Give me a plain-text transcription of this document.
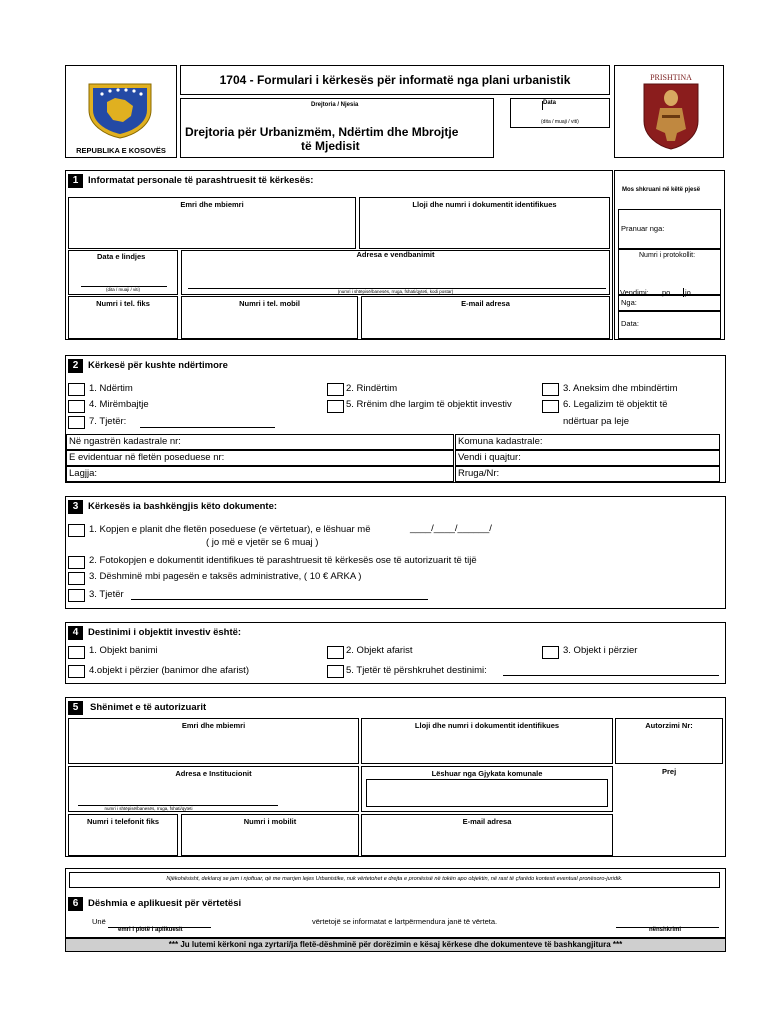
REPUBLIKA E KOSOVËS
1704 - Formulari i kërkesës për informatë nga plani urbanistik
Drejtoria / Njesia
Drejtoria për Urbanizmëm, Ndërtim dhe Mbrojtje
të Mjedisit
Data
(dita / muaji / viti)
PRISHTINA
Mos shkruani në këtë pjesë
Pranuar nga:
Numri i protokollit:
Vendimi: po jo
Nga:
Data:
1	Informatat personale të parashtruesit të kërkesës:
Emri dhe mbiemri	Lloji dhe numri i dokumentit identifikues
Data e lindjes
(dita / muaji / viti)
Adresa e vendbanimit
(numri i shtëpisë/banesës, rruga, fshati/qyteti, kodi postar)
Numri i tel. fiks	Numri i tel. mobil	E-mail adresa
2	Kërkesë për kushte ndërtimore
1. Ndërtim	2. Rindërtim	3. Aneksim dhe mbindërtim
4. Mirëmbajtje	5. Rrënim dhe largim të objektit investiv	6. Legalizim të objektit të
ndërtuar pa leje
7. Tjetër:
Në ngastrën kadastrale nr:	Komuna kadastrale:
E evidentuar në fletën poseduese nr:	Vendi i quajtur:
Lagjja:	Rruga/Nr:
3	Kërkesës ia bashkëngjis këto dokumente:
1. Kopjen e planit dhe fletën poseduese (e vërtetuar), e lëshuar më	____/____/______/
( jo më e vjetër se 6 muaj )
2. Fotokopjen e dokumentit identifikues të parashtruesit të kërkesës ose të autorizuarit të tijë
3. Dëshminë mbi pagesën e taksës administrative, ( 10 € ARKA )
3. Tjetër
4	Destinimi i objektit investiv është:
1. Objekt banimi	2. Objekt afarist	3. Objekt i përzier
4.objekt i përzier (banimor dhe afarist)	5. Tjetër të përshkruhet destinimi:
5	Shënimet e të autorizuarit
Emri dhe mbiemri	Lloji dhe numri i dokumentit identifikues	Autorzimi Nr:
Adresa e Institucionit
numri i shtëpisë/banesës, rruga, fshati/qyteti
Lëshuar nga Gjykata komunale	Prej
Numri i telefonit fiks	Numri i mobilit	E-mail adresa
Njëkohësisht, deklaroj se jam i njoftuar, që me marrjen lejes Urbanistike, nuk vërtetohet e drejta e pronësisë në tokën apo objektin, në rast të çfarëdo kontesti eventual pronësoro-juridik.
6	Dëshmia e aplikuesit për vërtetësi
Unë
emri i plotë i aplikuesit
vërtetojë se informatat e lartpërmendura janë të vërteta.
nënshkrimi
*** Ju lutemi kërkoni nga zyrtari/ja fletë-dëshminë për dorëzimin e kësaj kërkese dhe dokumenteve të bashkangjitura ***
